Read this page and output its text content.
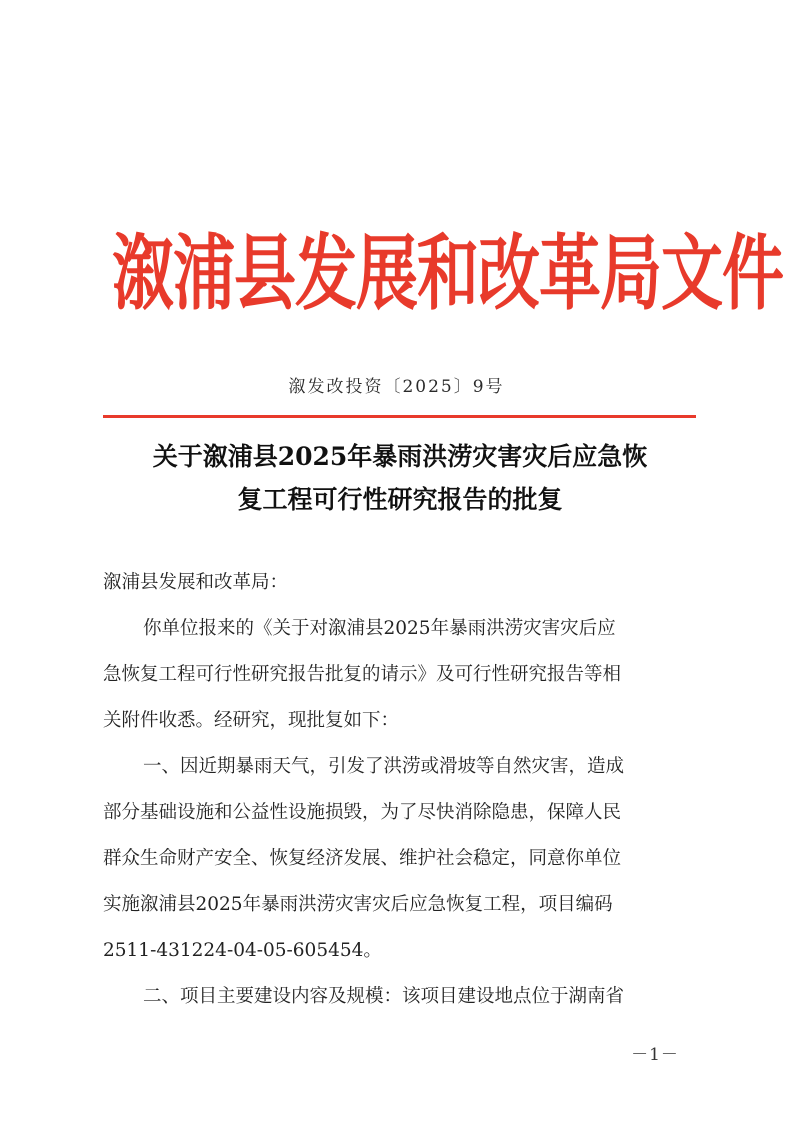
溆浦县发展和改革局文件
溆发改投资〔2025〕9号
关于溆浦县2025年暴雨洪涝灾害灾后应急恢
复工程可行性研究报告的批复
溆浦县发展和改革局：
你单位报来的《关于对溆浦县2025年暴雨洪涝灾害灾后应
急恢复工程可行性研究报告批复的请示》及可行性研究报告等相
关附件收悉。经研究，现批复如下：
一、因近期暴雨天气，引发了洪涝或滑坡等自然灾害，造成
部分基础设施和公益性设施损毁，为了尽快消除隐患，保障人民
群众生命财产安全、恢复经济发展、维护社会稳定，同意你单位
实施溆浦县2025年暴雨洪涝灾害灾后应急恢复工程，项目编码
2511-431224-04-05-605454。
二、项目主要建设内容及规模：该项目建设地点位于湖南省
－1－
